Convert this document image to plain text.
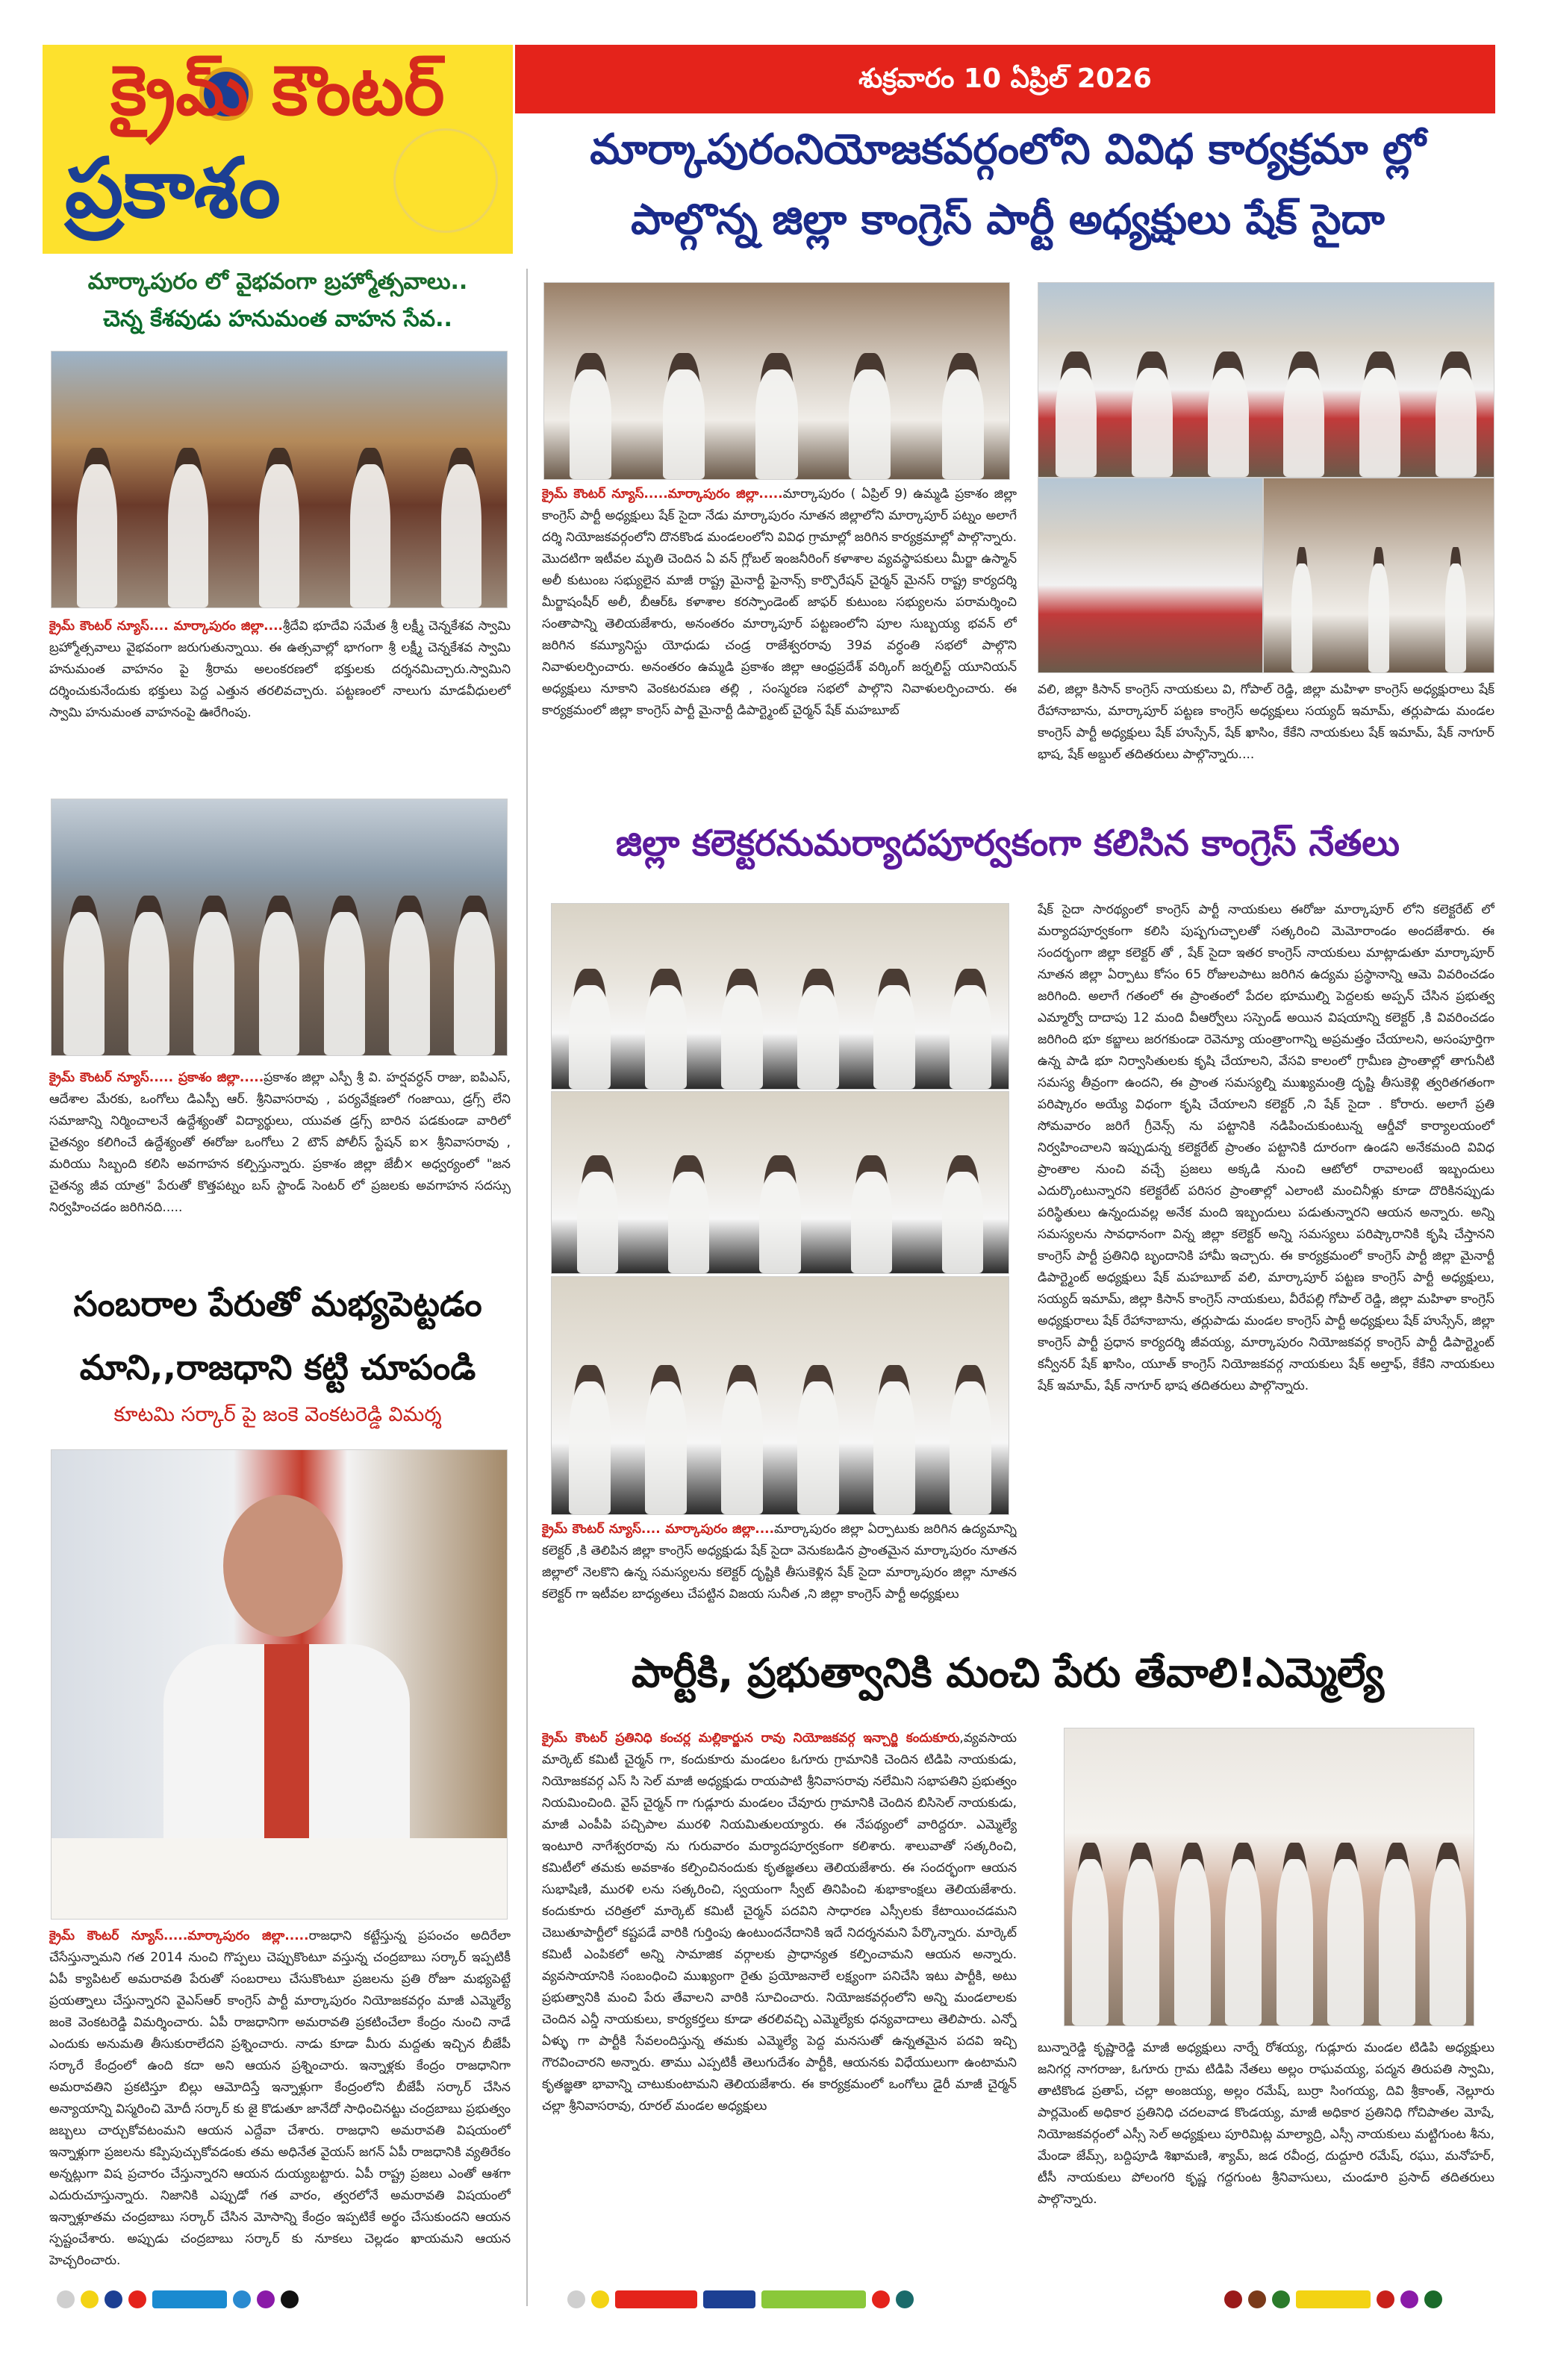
క్రైమ్ కౌంటర్
ప్రకాశం
శుక్రవారం 10 ఏప్రిల్ 2026
మార్కాపురంనియోజకవర్గంలోని వివిధ కార్యక్రమా ల్లో
పాల్గొన్న జిల్లా కాంగ్రెస్ పార్టీ అధ్యక్షులు షేక్ సైదా
మార్కాపురం లో వైభవంగా బ్రహ్మోత్సవాలు..
చెన్న కేశవుడు హనుమంత వాహన సేవ..
క్రైమ్ కౌంటర్ న్యూస్.... మార్కాపురం జిల్లా....శ్రీదేవి భూదేవి సమేత శ్రీ లక్ష్మీ చెన్నకేశవ స్వామి బ్రహ్మోత్సవాలు వైభవంగా జరుగుతున్నాయి. ఈ ఉత్సవాల్లో భాగంగా శ్రీ లక్ష్మీ చెన్నకేశవ స్వామి హనుమంత వాహనం పై శ్రీరామ అలంకరణలో భక్తులకు దర్శనమిచ్చారు.స్వామిని దర్శించుకునేందుకు భక్తులు పెద్ద ఎత్తున తరలివచ్చారు. పట్టణంలో నాలుగు మాడవీధులలో స్వామి హనుమంత వాహనంపై ఊరేగింపు.
క్రైమ్ కౌంటర్ న్యూస్..... ప్రకాశం జిల్లా.....ప్రకాశం జిల్లా ఎస్పీ శ్రీ వి. హర్షవర్ధన్ రాజు, ఐపిఎస్, ఆదేశాల మేరకు, ఒంగోలు డిఎస్పీ ఆర్. శ్రీనివాసరావు , పర్యవేక్షణలో గంజాయి, డ్రగ్స్ లేని సమాజాన్ని నిర్మించాలనే ఉద్దేశ్యంతో విద్యార్థులు, యువత డ్రగ్స్ బారిన పడకుండా వారిలో చైతన్యం కలిగించే ఉద్దేశ్యంతో ఈరోజు ఒంగోలు 2 టౌన్ పోలీస్ స్టేషన్ ఐ× శ్రీనివాసరావు , మరియు సిబ్బంది కలిసి అవగాహన కల్పిస్తున్నారు. ప్రకాశం జిల్లా జేబీ× అధ్వర్యంలో "జన చైతన్య జీవ యాత్ర" పేరుతో కొత్తపట్నం బస్ స్టాండ్ సెంటర్ లో ప్రజలకు అవగాహన సదస్సు నిర్వహించడం జరిగినది.....
సంబరాల పేరుతో మభ్యపెట్టడం
మాని,,రాజధాని కట్టి చూపండి
కూటమి సర్కార్ పై జంకె వెంకటరెడ్డి విమర్శ
క్రైమ్ కౌంటర్ న్యూస్.....మార్కాపురం జిల్లా.....రాజధాని కట్టేస్తున్న ప్రపంచం అదిరేలా చేసేస్తున్నామని గత 2014 నుంచి గొప్పలు చెప్పుకొంటూ వస్తున్న చంద్రబాబు సర్కార్ ఇప్పటికీ ఏపీ క్యాపిటల్ అమరావతి పేరుతో సంబరాలు చేసుకొంటూ ప్రజలను ప్రతి రోజూ మభ్యపెట్టే ప్రయత్నాలు చేస్తున్నారని వైఎస్ఆర్ కాంగ్రెస్ పార్టీ మార్కాపురం నియోజకవర్గం మాజీ ఎమ్మెల్యే జంకె వెంకటరెడ్డి విమర్శించారు. ఏపీ రాజధానిగా అమరావతి ప్రకటించేలా కేంద్రం నుంచి నాడే ఎందుకు అనుమతి తీసుకురాలేదని ప్రశ్నించారు. నాడు కూడా మీరు మద్దతు ఇచ్చిన బీజేపీ సర్కారే కేంద్రంలో ఉంది కదా అని ఆయన ప్రశ్నించారు. ఇన్నాళ్లకు కేంద్రం రాజధానిగా అమరావతిని ప్రకటిస్తూ బిల్లు ఆమోదిస్తే ఇన్నాళ్లుగా కేంద్రంలోని బీజేపీ సర్కార్ చేసిన అన్యాయాన్ని విస్మరించి మోదీ సర్కార్ కు జై కొడుతూ జానేదో సాధించినట్టు చంద్రబాబు ప్రభుత్వం జబ్బలు చార్చుకోవటంమని ఆయన ఎద్దేవా చేశారు. రాజధాని అమరావతి విషయంలో ఇన్నాళ్లుగా ప్రజలను కప్పిపుచ్చుకోవడంకు తమ అధినేత వైయస్ జగన్ ఏపీ రాజధానికి వ్యతిరేకం అన్నట్లుగా విష ప్రచారం చేస్తున్నారని ఆయన దుయ్యబట్టారు. ఏపీ రాష్ట్ర ప్రజలు ఎంతో ఆశగా ఎదురుచూస్తున్నారు. నిజానికి ఎప్పుడో గత వారం, త్వరలోనే అమరావతి విషయంలో ఇన్నాళ్లూతమ చంద్రబాబు సర్కార్ చేసిన మోసాన్ని కేంద్రం ఇప్పటికే అర్థం చేసుకుందని ఆయన స్పష్టంచేశారు. అప్పుడు చంద్రబాబు సర్కార్ కు నూకలు చెల్లడం ఖాయమని ఆయన హెచ్చరించారు.
క్రైమ్ కౌంటర్ న్యూస్.....మార్కాపురం జిల్లా.....మార్కాపురం ( ఏప్రిల్ 9) ఉమ్మడి ప్రకాశం జిల్లా కాంగ్రెస్ పార్టీ అధ్యక్షులు షేక్ సైదా నేడు మార్కాపురం నూతన జిల్లాలోని మార్కాపూర్ పట్నం అలాగే దర్శి నియోజకవర్గంలోని దొనకొండ మండలంలోని వివిధ గ్రామాల్లో జరిగిన కార్యక్రమాల్లో పాల్గొన్నారు. మొదటిగా ఇటీవల మృతి చెందిన ఏ వన్ గ్లోబల్ ఇంజనీరింగ్ కళాశాల వ్యవస్థాపకులు మీర్జా ఉస్మాన్ అలీ కుటుంబ సభ్యులైన మాజీ రాష్ట్ర మైనార్టీ ఫైనాన్స్ కార్పొరేషన్ చైర్మన్ మైనస్ రాష్ట్ర కార్యదర్శి మీర్జాషంషీర్ అలీ, బీఆర్ఓ కళాశాల కరస్పాండెంట్ జాఫర్ కుటుంబ సభ్యులను పరామర్శించి సంతాపాన్ని తెలియజేశారు, అనంతరం మార్కాపూర్ పట్టణంలోని పూల సుబ్బయ్య భవన్ లో జరిగిన కమ్యూనిస్టు యోధుడు చండ్ర రాజేశ్వరరావు 39వ వర్ధంతి సభలో పాల్గొని నివాళులర్పించారు. అనంతరం ఉమ్మడి ప్రకాశం జిల్లా ఆంధ్రప్రదేశ్ వర్కింగ్ జర్నలిస్ట్ యూనియన్ అధ్యక్షులు నూకాని వెంకటరమణ తల్లి , సంస్మరణ సభలో పాల్గొని నివాళులర్పించారు. ఈ కార్యక్రమంలో జిల్లా కాంగ్రెస్ పార్టీ మైనార్టీ డిపార్ట్మెంట్ చైర్మన్ షేక్ మహబూబ్
వలి, జిల్లా కిసాన్ కాంగ్రెస్ నాయకులు వి, గోపాల్ రెడ్డి, జిల్లా మహిళా కాంగ్రెస్ అధ్యక్షురాలు షేక్ రేహానాబాను, మార్కాపూర్ పట్టణ కాంగ్రెస్ అధ్యక్షులు సయ్యద్ ఇమామ్, తర్లుపాడు మండల కాంగ్రెస్ పార్టీ అధ్యక్షులు షేక్ హుస్సేన్, షేక్ ఖాసిం, కేకేని నాయకులు షేక్ ఇమామ్, షేక్ నాగూర్ భాష, షేక్ అబ్దుల్ తదితరులు పాల్గొన్నారు....
జిల్లా కలెక్టరనుమర్యాదపూర్వకంగా కలిసిన కాంగ్రెస్ నేతలు
క్రైమ్ కౌంటర్ న్యూస్.... మార్కాపురం జిల్లా....మార్కాపురం జిల్లా ఏర్పాటుకు జరిగిన ఉద్యమాన్ని కలెక్టర్ ,కి తెలిపిన జిల్లా కాంగ్రెస్ అధ్యక్షుడు షేక్ సైదా వెనుకబడిన ప్రాంతమైన మార్కాపురం నూతన జిల్లాలో నెలకొని ఉన్న సమస్యలను కలెక్టర్ దృష్టికి తీసుకెళ్లిన షేక్ సైదా మార్కాపురం జిల్లా నూతన కలెక్టర్ గా ఇటీవల బాధ్యతలు చేపట్టిన విజయ సునీత ,ని జిల్లా కాంగ్రెస్ పార్టీ అధ్యక్షులు
షేక్ సైదా సారథ్యంలో కాంగ్రెస్ పార్టీ నాయకులు ఈరోజు మార్కాపూర్ లోని కలెక్టరేట్ లో మర్యాదపూర్వకంగా కలిసి పుష్పగుచ్ఛాలతో సత్కరించి మెమోరాండం అందజేశారు. ఈ సందర్భంగా జిల్లా కలెక్టర్ తో , షేక్ సైదా ఇతర కాంగ్రెస్ నాయకులు మాట్లాడుతూ మార్కాపూర్ నూతన జిల్లా ఏర్పాటు కోసం 65 రోజులపాటు జరిగిన ఉద్యమ ప్రస్థానాన్ని ఆమె వివరించడం జరిగింది. అలాగే గతంలో ఈ ప్రాంతంలో పేదల భూముల్ని పెద్దలకు అప్పన్ చేసిన ప్రభుత్వ ఎమ్మార్వో దాదాపు 12 మంది వీఆర్వోలు సస్పెండ్ అయిన విషయాన్ని కలెక్టర్ ,కి వివరించడం జరిగింది భూ కబ్జాలు జరగకుండా రెవెన్యూ యంత్రాంగాన్ని అప్రమత్తం చేయాలని, అసంపూర్తిగా ఉన్న పాడి భూ నిర్వాసితులకు కృషి చేయాలని, వేసవి కాలంలో గ్రామీణ ప్రాంతాల్లో తాగునీటి సమస్య తీవ్రంగా ఉందని, ఈ ప్రాంత సమస్యల్ని ముఖ్యమంత్రి దృష్టి తీసుకెళ్లి త్వరితగతంగా పరిష్కారం అయ్యే విధంగా కృషి చేయాలని కలెక్టర్ ,ని షేక్ సైదా . కోరారు. అలాగే ప్రతి సోమవారం జరిగే గ్రీవెన్స్ ను పట్టానికి నడిపించుకుంటున్న ఆర్డీవో కార్యాలయంలో నిర్వహించాలని ఇప్పుడున్న కలెక్టరేట్ ప్రాంతం పట్టానికి దూరంగా ఉండని అనేకమంది వివిధ ప్రాంతాల నుంచి వచ్చే ప్రజలు అక్కడి నుంచి ఆటోలో రావాలంటే ఇబ్బందులు ఎదుర్కొంటున్నారని కలెక్టరేట్ పరిసర ప్రాంతాల్లో ఎలాంటి మంచినీళ్లు కూడా దొరికినప్పుడు పరిస్థితులు ఉన్నందువల్ల అనేక మంది ఇబ్బందులు పడుతున్నారని ఆయన అన్నారు. అన్ని సమస్యలను సావధానంగా విన్న జిల్లా కలెక్టర్ అన్ని సమస్యలు పరిష్కారానికి కృషి చేస్తానని కాంగ్రెస్ పార్టీ ప్రతినిధి బృందానికి హామీ ఇచ్చారు. ఈ కార్యక్రమంలో కాంగ్రెస్ పార్టీ జిల్లా మైనార్టీ డిపార్ట్మెంట్ అధ్యక్షులు షేక్ మహబూబ్ వలి, మార్కాపూర్ పట్టణ కాంగ్రెస్ పార్టీ అధ్యక్షులు, సయ్యద్ ఇమామ్, జిల్లా కిసాన్ కాంగ్రెస్ నాయకులు, వీరేపల్లి గోపాల్ రెడ్డి, జిల్లా మహిళా కాంగ్రెస్ అధ్యక్షురాలు షేక్ రేహానాబాను, తర్లుపాడు మండల కాంగ్రెస్ పార్టీ అధ్యక్షులు షేక్ హుస్సేన్, జిల్లా కాంగ్రెస్ పార్టీ ప్రధాన కార్యదర్శి జీవయ్య, మార్కాపురం నియోజకవర్గ కాంగ్రెస్ పార్టీ డిపార్ట్మెంట్ కన్వీనర్ షేక్ ఖాసిం, యూత్ కాంగ్రెస్ నియోజకవర్గ నాయకులు షేక్ అల్తాఫ్, కేకేని నాయకులు షేక్ ఇమామ్, షేక్ నాగూర్ భాష తదితరులు పాల్గొన్నారు.
పార్టీకి, ప్రభుత్వానికి మంచి పేరు తేవాలి!ఎమ్మెల్యే
క్రైమ్ కౌంటర్ ప్రతినిధి కంచర్ల మల్లికార్జున రావు నియోజకవర్గ ఇన్చార్జి కందుకూరు,వ్యవసాయ మార్కెట్ కమిటీ చైర్మన్ గా, కందుకూరు మండలం ఓగూరు గ్రామానికి చెందిన టిడిపి నాయకుడు, నియోజకవర్గ ఎస్ సి సెల్ మాజీ అధ్యక్షుడు రాయపాటి శ్రీనివాసరావు నలేమిని సభాపతిని ప్రభుత్వం నియమించింది. వైస్ చైర్మన్ గా గుడ్లూరు మండలం చేవూరు గ్రామానికి చెందిన బిసిసెల్ నాయకుడు, మాజీ ఎంపీపి పచ్చిపాల మురళి నియమితులయ్యారు. ఈ నేపథ్యంలో వారిద్దరూ. ఎమ్మెల్యే ఇంటూరి నాగేశ్వరరావు ను గురువారం మర్యాదపూర్వకంగా కలిశారు. శాలువాతో సత్కరించి, కమిటీలో తమకు అవకాశం కల్పించినందుకు కృతజ్ఞతలు తెలియజేశారు. ఈ సందర్భంగా ఆయన సుభాషిణి, మురళి లను సత్కరించి, స్వయంగా స్వీట్ తినిపించి శుభాకాంక్షలు తెలియజేశారు. కందుకూరు చరిత్రలో మార్కెట్ కమిటీ చైర్మన్ పదవిని సాధారణ ఎస్సీలకు కేటాయించడమని చెబుతూపార్టీలో కష్టపడే వారికి గుర్తింపు ఉంటుందనేదానికి ఇదే నిదర్శనమని పేర్కొన్నారు. మార్కెట్ కమిటీ ఎంపికలో అన్ని సామాజిక వర్గాలకు ప్రాధాన్యత కల్పించామని ఆయన అన్నారు. వ్యవసాయానికి సంబంధించి ముఖ్యంగా రైతు ప్రయోజనాలే లక్ష్యంగా పనిచేసి ఇటు పార్టీకి, అటు ప్రభుత్వానికి మంచి పేరు తేవాలని వారికి సూచించారు. నియోజకవర్గంలోని అన్ని మండలాలకు చెందిన ఎన్డీ నాయకులు, కార్యకర్తలు కూడా తరలివచ్చి ఎమ్మెల్యేకు ధన్యవాదాలు తెలిపారు. ఎన్నో ఏళ్ళు గా పార్టీకి సేవలందిస్తున్న తమకు ఎమ్మెల్యే పెద్ద మనసుతో ఉన్నతమైన పదవి ఇచ్చి గౌరవించారని అన్నారు. తాము ఎప్పటికీ తెలుగుదేశం పార్టీకి, ఆయనకు విధేయులుగా ఉంటామని కృతజ్ఞతా భావాన్ని చాటుకుంటామని తెలియజేశారు. ఈ కార్యక్రమంలో ఒంగోలు డైరీ మాజీ చైర్మన్ చల్లా శ్రీనివాసరావు, రూరల్ మండల అధ్యక్షులు
బున్నారెడ్డి కృష్ణారెడ్డి మాజీ అధ్యక్షులు నార్నే రోశయ్య, గుడ్లూరు మండల టిడిపి అధ్యక్షులు జనిగర్ల నాగరాజు, ఓగూరు గ్రామ టిడిపి నేతలు అల్లం రాఘవయ్య, పద్మన తిరుపతి స్వామి, తాటికొండ ప్రతాప్, చల్లా అంజయ్య, అల్లం రమేష్, బుర్రా సింగయ్య, దివి శ్రీకాంత్, నెల్లూరు పార్లమెంట్ అధికార ప్రతినిధి చదలవాడ కొండయ్య, మాజీ అధికార ప్రతినిధి గోచిపాతల మోషే, నియోజకవర్గంలో ఎస్సీ సెల్ అధ్యక్షులు పూరిమిట్ల మాల్యాద్రి, ఎస్సీ నాయకులు మట్టిగుంట శీను, మేండా జేమ్స్, బద్దిపూడి శిఖామణి, శ్యామ్, జడ రవీంద్ర, దుద్దూరి రమేష్, రఘు, మనోహర్, టీసీ నాయకులు పోలంగరి కృష్ణ గద్దగుంట శ్రీనివాసులు, చుండూరి ప్రసాద్ తదితరులు పాల్గొన్నారు.
